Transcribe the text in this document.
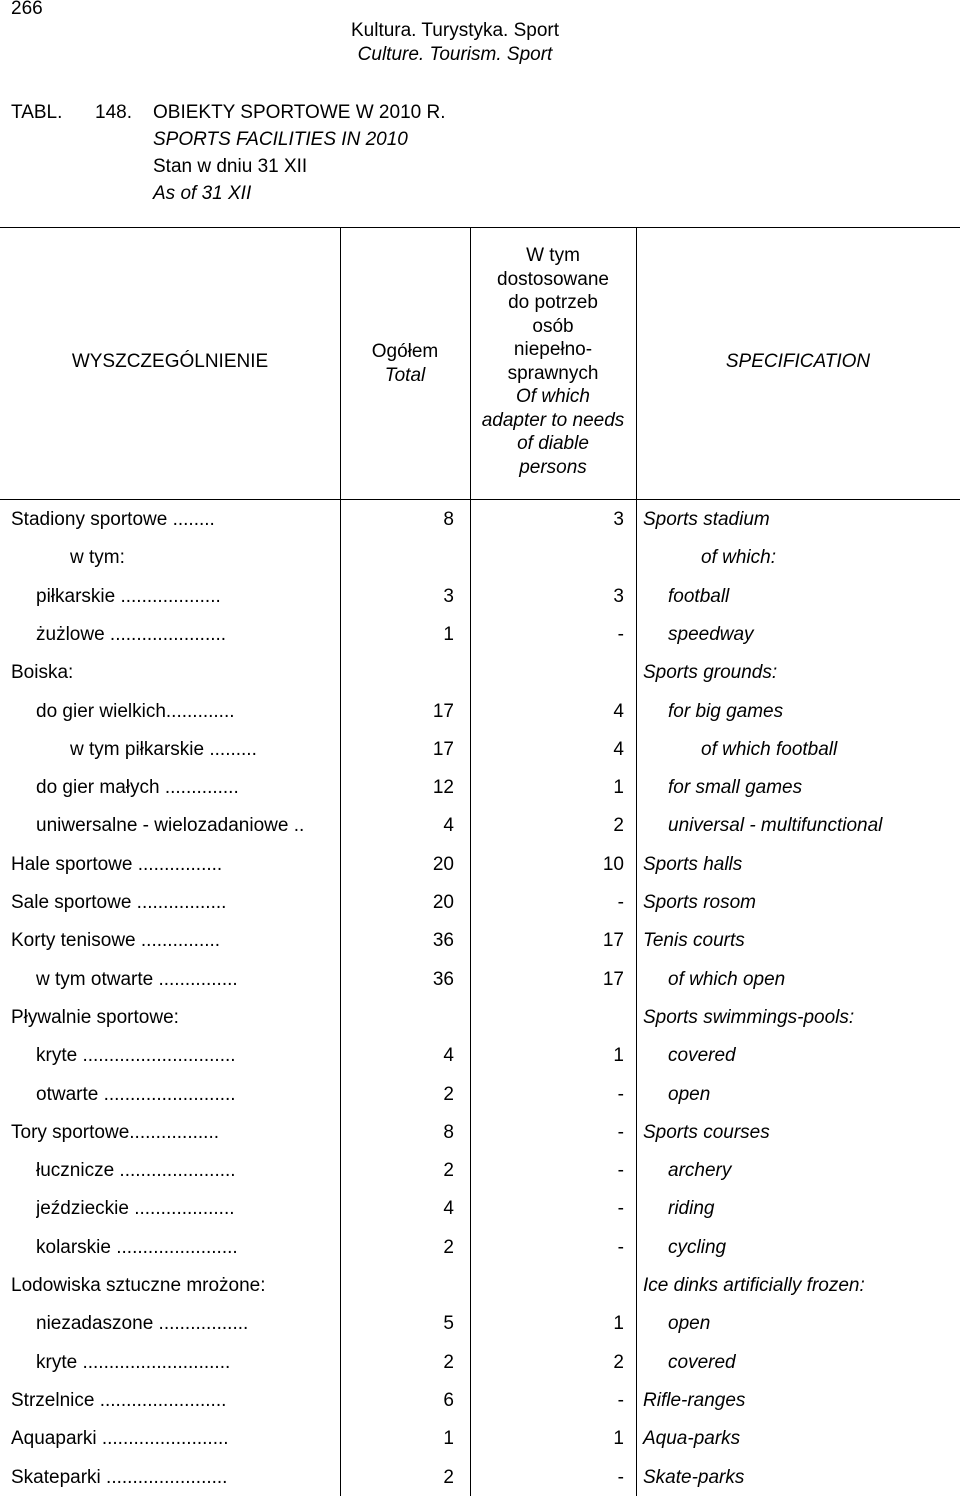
266
Kultura. Turystyka. Sport
Culture. Tourism. Sport
TABL. 148. OBIEKTY SPORTOWE W 2010 R.
SPORTS FACILITIES IN 2010
Stan w dniu 31 XII
As of 31 XII
WYSZCZEGÓLNIENIE	Ogółem
Total
W tym
dostosowane
do potrzeb
osób
niepełno-
sprawnych
Of which
adapter to needs
of diable
persons
SPECIFICATION
Stadiony sportowe ........	8	3 Sports stadium
w tym:	of which:
piłkarskie ...................	3	3 football
żużlowe ......................	1	- speedway
Boiska:	Sports grounds:
do gier wielkich.............	17	4 for big games
w tym piłkarskie .........	17	4	of which football
do gier małych ..............	12	1 for small games
uniwersalne - wielozadaniowe ..	4	2 universal - multifunctional
Hale sportowe ................	20	10 Sports halls
Sale sportowe .................	20	- Sports rosom
Korty tenisowe ...............	36	17 Tenis courts
w tym otwarte ...............	36	17 of which open
Pływalnie sportowe:	Sports swimmings-pools:
kryte .............................	4	1 covered
otwarte .........................	2	- open
Tory sportowe.................	8	- Sports courses
łucznicze ......................	2	- archery
jeździeckie ...................	4	- riding
kolarskie .......................	2	- cycling
Lodowiska sztuczne mrożone:	Ice dinks artificially frozen:
niezadaszone .................	5	1 open
kryte ............................	2	2 covered
Strzelnice ........................	6	- Rifle-ranges
Aquaparki ........................	1	1 Aqua-parks
Skateparki .......................	2	- Skate-parks
